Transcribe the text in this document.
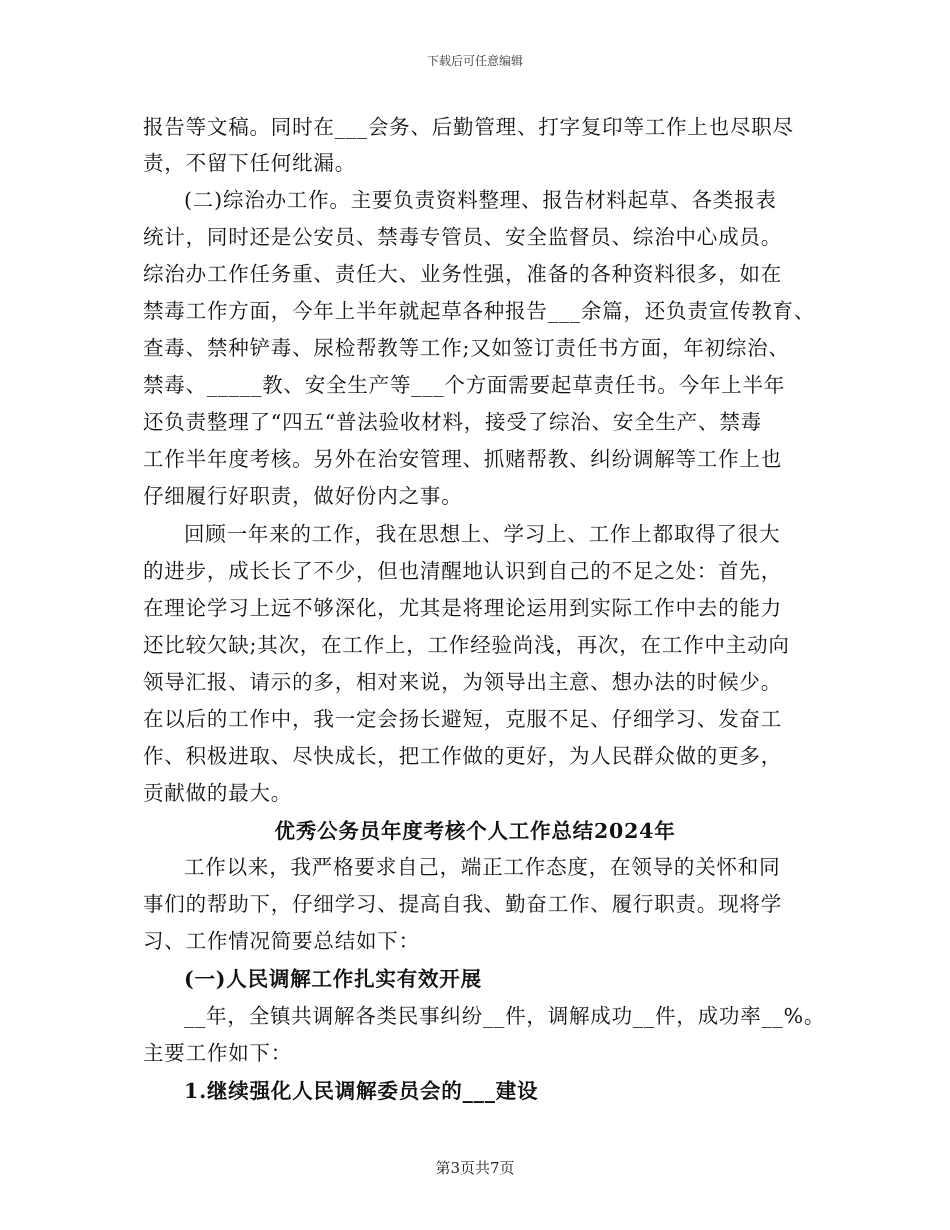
下载后可任意编辑
报告等文稿。同时在___会务、后勤管理、打字复印等工作上也尽职尽
责，不留下任何纰漏。
(二)综治办工作。主要负责资料整理、报告材料起草、各类报表
统计，同时还是公安员、禁毒专管员、安全监督员、综治中心成员。
综治办工作任务重、责任大、业务性强，准备的各种资料很多，如在
禁毒工作方面，今年上半年就起草各种报告___余篇，还负责宣传教育、
查毒、禁种铲毒、尿检帮教等工作;又如签订责任书方面，年初综治、
禁毒、_____教、安全生产等___个方面需要起草责任书。今年上半年
还负责整理了“四五“普法验收材料，接受了综治、安全生产、禁毒
工作半年度考核。另外在治安管理、抓赌帮教、纠纷调解等工作上也
仔细履行好职责，做好份内之事。
回顾一年来的工作，我在思想上、学习上、工作上都取得了很大
的进步，成长长了不少，但也清醒地认识到自己的不足之处：首先，
在理论学习上远不够深化，尤其是将理论运用到实际工作中去的能力
还比较欠缺;其次，在工作上，工作经验尚浅，再次，在工作中主动向
领导汇报、请示的多，相对来说，为领导出主意、想办法的时候少。
在以后的工作中，我一定会扬长避短，克服不足、仔细学习、发奋工
作、积极进取、尽快成长，把工作做的更好，为人民群众做的更多，
贡献做的最大。
优秀公务员年度考核个人工作总结2024年
工作以来，我严格要求自己，端正工作态度，在领导的关怀和同
事们的帮助下，仔细学习、提高自我、勤奋工作、履行职责。现将学
习、工作情况简要总结如下：
(一)人民调解工作扎实有效开展
__年，全镇共调解各类民事纠纷__件，调解成功__件，成功率__%。
主要工作如下：
1.继续强化人民调解委员会的___建设
第3页共7页
